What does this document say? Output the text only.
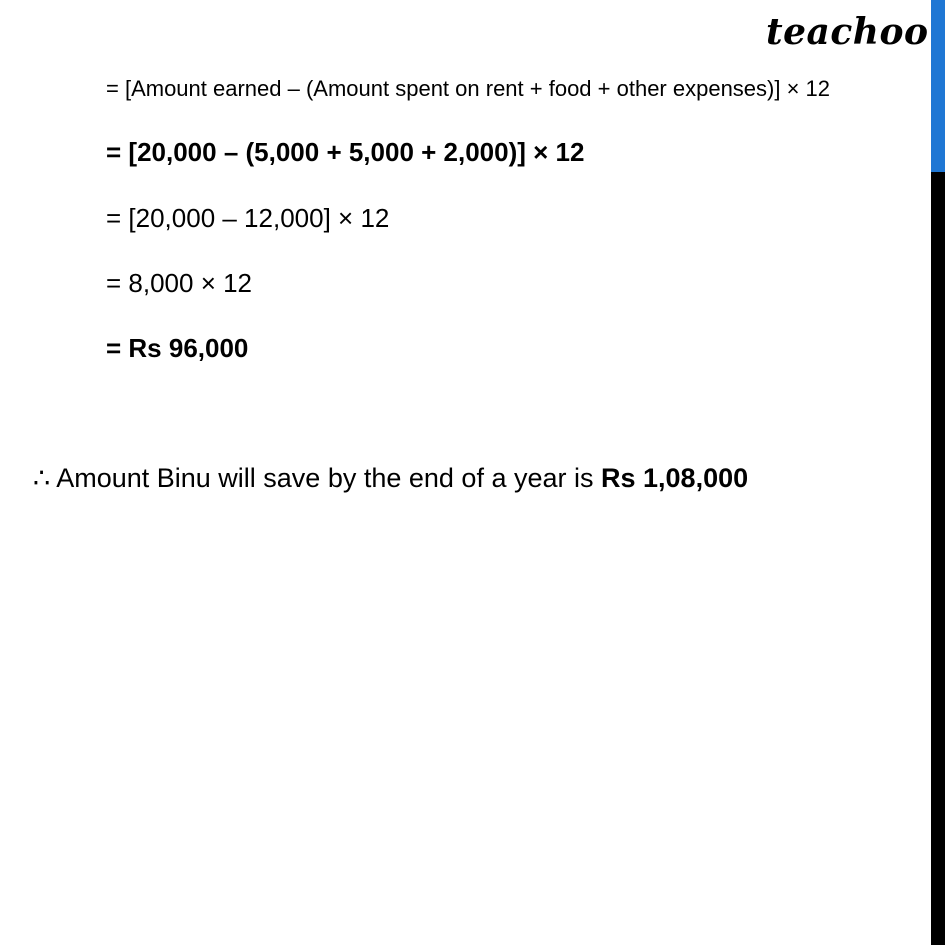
teachoo
= [Amount earned – (Amount spent on rent + food + other expenses)] × 12
= [20,000 – (5,000 + 5,000 + 2,000)] × 12
= [20,000 – 12,000] × 12
= 8,000 × 12
= Rs 96,000
∴ Amount Binu will save by the end of a year is Rs 1,08,000
